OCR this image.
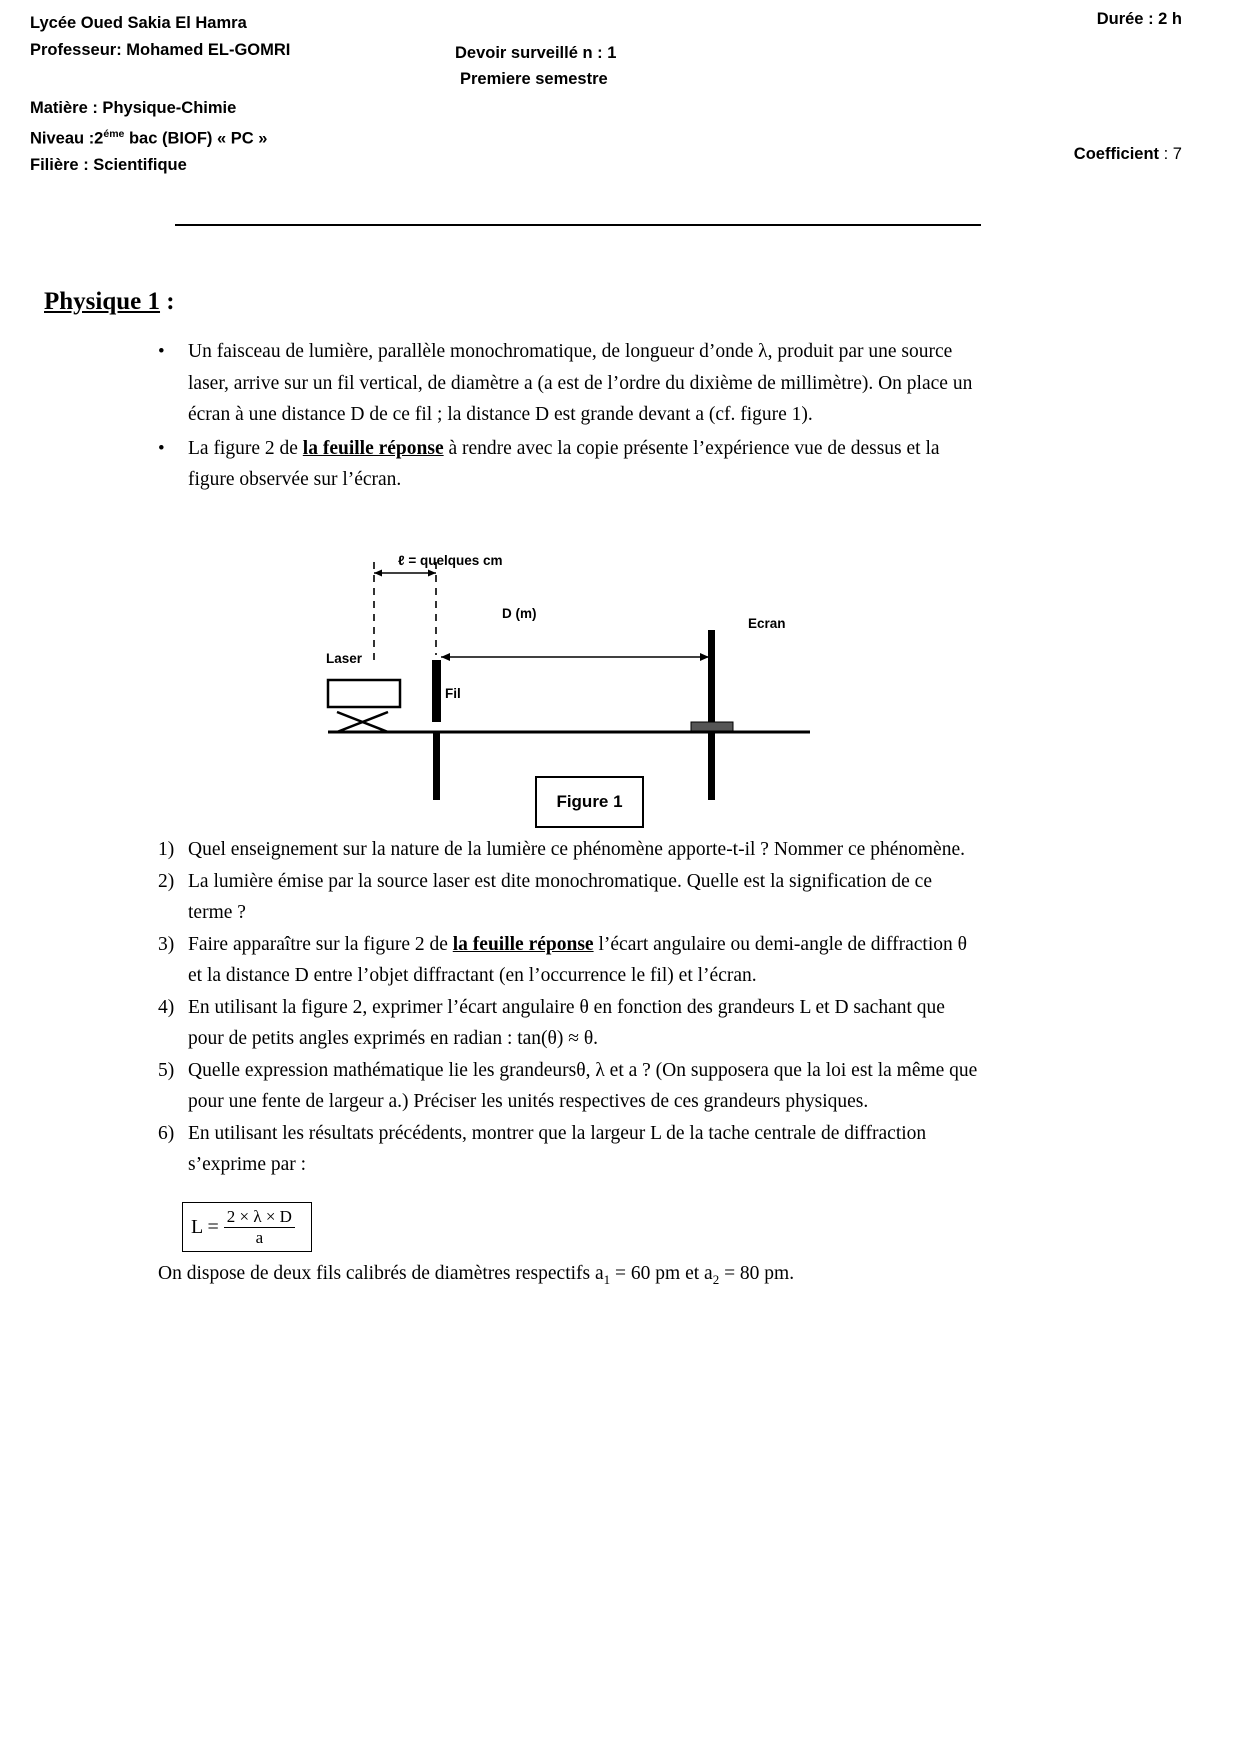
Lycée Oued Sakia El Hamra
Professeur: Mohamed EL-GOMRI
Matière : Physique-Chimie
Niveau $:2^{éme}$ bac (BIOF) « PC »
Filière : Scientifique
Devoir surveillé n : 1
Premiere semestre
Durée : 2 h
Coefficient : 7
Physique 1 :
• Un faisceau de lumière, parallèle monochromatique, de longueur d’onde λ, produit par une source laser, arrive sur un fil vertical, de diamètre a (a est de l’ordre du dixième de millimètre). On place un écran à une distance D de ce fil ; la distance D est grande devant a (cf. figure 1).
• La figure 2 de la feuille réponse à rendre avec la copie présente l’expérience vue de dessus et la figure observée sur l’écran.
ℓ = quelques cm
D (m)
Ecran
Laser
Fil
Figure 1
1) Quel enseignement sur la nature de la lumière ce phénomène apporte-t-il ? Nommer ce phénomène.
2) La lumière émise par la source laser est dite monochromatique. Quelle est la signification de ce terme ?
3) Faire apparaître sur la figure 2 de la feuille réponse l’écart angulaire ou demi-angle de diffraction θ et la distance D entre l’objet diffractant (en l’occurrence le fil) et l’écran.
4) En utilisant la figure 2, exprimer l’écart angulaire θ en fonction des grandeurs L et D sachant que pour de petits angles exprimés en radian : tan(θ) ≈ θ.
5) Quelle expression mathématique lie les grandeursθ, λ et a ? (On supposera que la loi est la même que pour une fente de largeur a.) Préciser les unités respectives de ces grandeurs physiques.
6) En utilisant les résultats précédents, montrer que la largeur L de la tache centrale de diffraction s’exprime par :
$L = \frac{2 \times \lambda \times D}{a}$
On dispose de deux fils calibrés de diamètres respectifs $a_1 = 60$ pm et $a_2 = 80$ pm.
